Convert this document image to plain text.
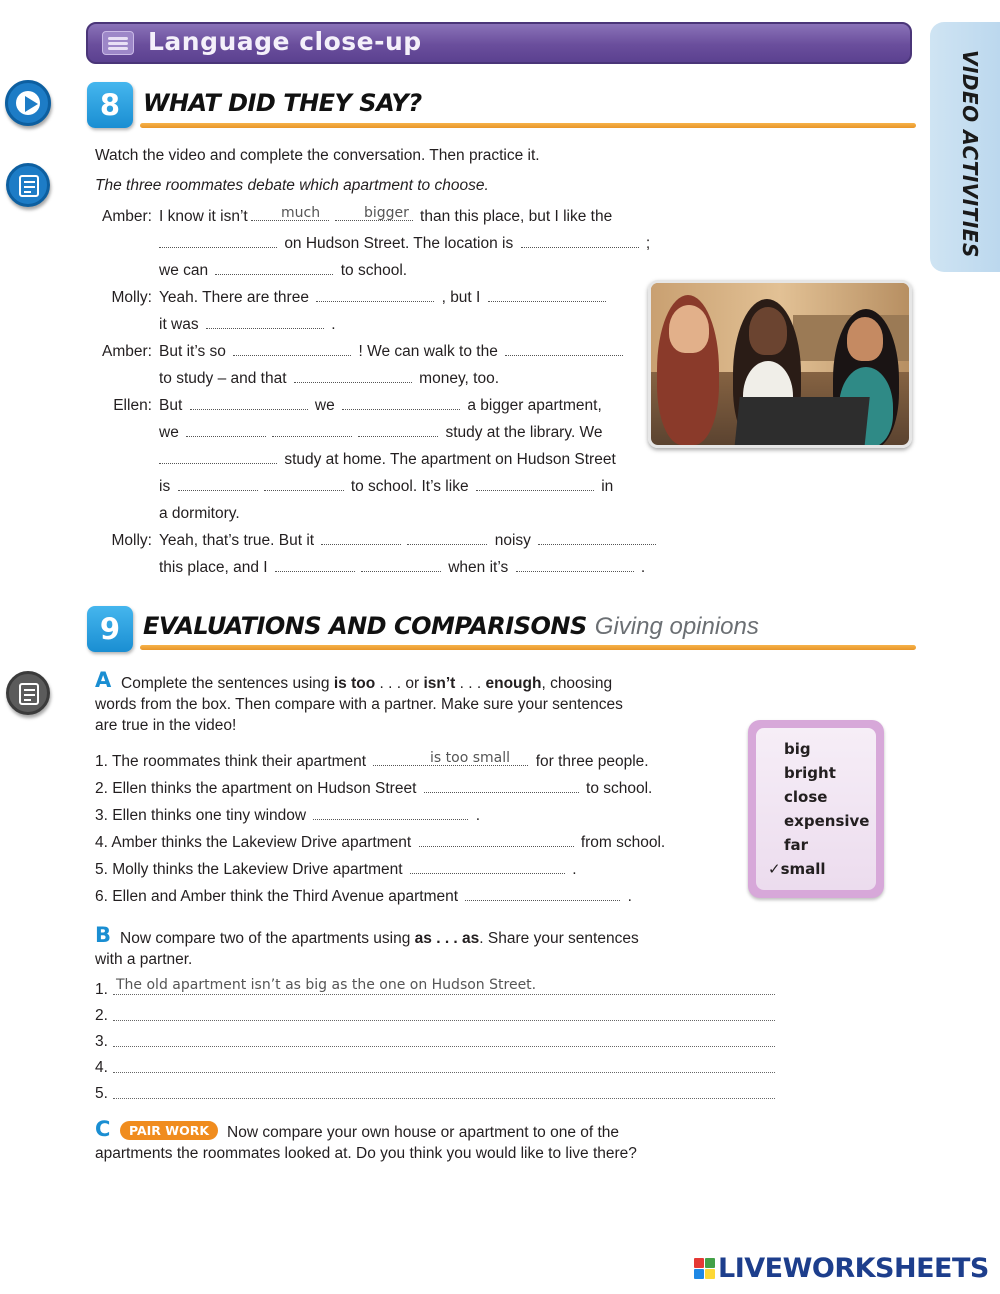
Language close-up
VIDEO ACTIVITIES
8 WHAT DID THEY SAY?
Watch the video and complete the conversation. Then practice it.
The three roommates debate which apartment to choose.
Amber: I know it isn’t	than this place, but I like the
much	bigger
on Hudson Street. The location is	;
we can	to school.
Molly: Yeah. There are three	, but I
it was	.
Amber: But it’s so	! We can walk to the
to study – and that	money, too.
Ellen: But	we	a bigger apartment,
we	study at the library. We
study at home. The apartment on Hudson Street
is	to school. It’s like	in
a dormitory.
Molly: Yeah, that’s true. But it	noisy
this place, and I	when it’s	.
9 EVALUATIONS AND COMPARISONS Giving opinions
A Complete the sentences using is too . . . or isn’t . . . enough, choosing
words from the box. Then compare with a partner. Make sure your sentences
are true in the video!
1. The roommates think their apartment	for three people.
is too small
2. Ellen thinks the apartment on Hudson Street	to school.
3. Ellen thinks one tiny window	.
4. Amber thinks the Lakeview Drive apartment	from school.
5. Molly thinks the Lakeview Drive apartment	.
6. Ellen and Amber think the Third Avenue apartment	.
big
bright
close
expensive
far
✓small
B Now compare two of the apartments using as . . . as. Share your sentences
with a partner.
1. The old apartment isn’t as big as the one on Hudson Street.
2.
3.
4.
5.
C	PAIR WORK	Now compare your own house or apartment to one of the
apartments the roommates looked at. Do you think you would like to live there?
LIVEWORKSHEETS
